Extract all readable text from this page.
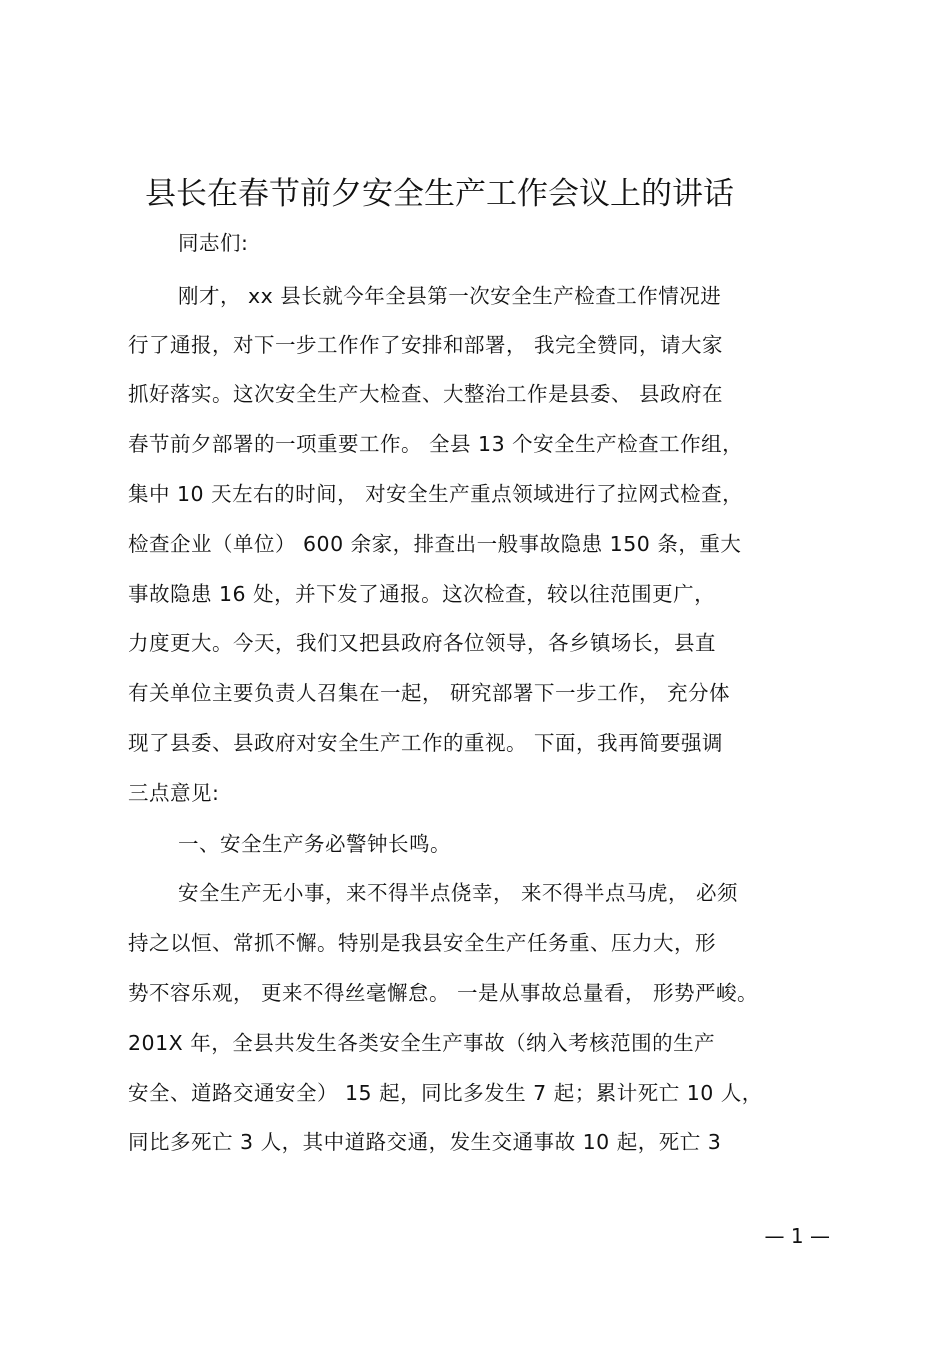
县长在春节前夕安全生产工作会议上的讲话
同志们:
刚才， xx 县长就今年全县第一次安全生产检查工作情况进
行了通报，对下一步工作作了安排和部署， 我完全赞同，请大家
抓好落实。这次安全生产大检查、大整治工作是县委、 县政府在
春节前夕部署的一项重要工作。 全县 13 个安全生产检查工作组，
集中 10 天左右的时间， 对安全生产重点领域进行了拉网式检查，
检查企业（单位） 600 余家，排查出一般事故隐患 150 条，重大
事故隐患 16 处，并下发了通报。这次检查，较以往范围更广，
力度更大。今天，我们又把县政府各位领导，各乡镇场长，县直
有关单位主要负责人召集在一起， 研究部署下一步工作， 充分体
现了县委、县政府对安全生产工作的重视。 下面，我再简要强调
三点意见:
一、安全生产务必警钟长鸣。
安全生产无小事，来不得半点侥幸， 来不得半点马虎， 必须
持之以恒、常抓不懈。特别是我县安全生产任务重、压力大，形
势不容乐观， 更来不得丝毫懈怠。 一是从事故总量看， 形势严峻。
201X 年，全县共发生各类安全生产事故（纳入考核范围的生产
安全、道路交通安全） 15 起，同比多发生 7 起；累计死亡 10 人，
同比多死亡 3 人，其中道路交通，发生交通事故 10 起，死亡 3
— 1 —
